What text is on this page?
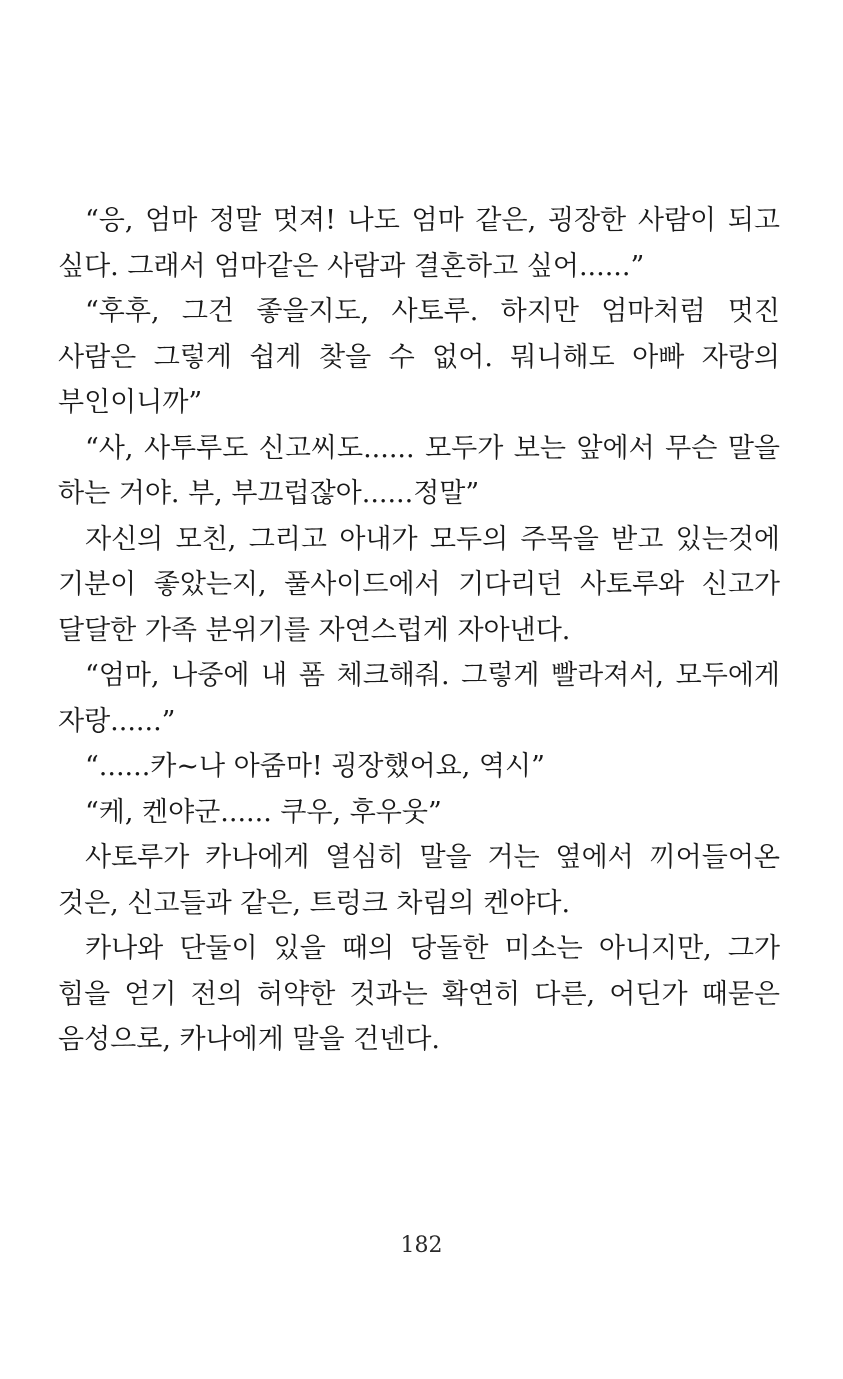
“응, 엄마 정말 멋져! 나도 엄마 같은, 굉장한 사람이 되고 싶다. 그래서 엄마같은 사람과 결혼하고 싶어......”

“후후, 그건 좋을지도, 사토루. 하지만 엄마처럼 멋진 사람은 그렇게 쉽게 찾을 수 없어. 뭐니해도 아빠 자랑의 부인이니까”

“사, 사투루도 신고씨도...... 모두가 보는 앞에서 무슨 말을 하는 거야. 부, 부끄럽잖아......정말”

자신의 모친, 그리고 아내가 모두의 주목을 받고 있는것에 기분이 좋았는지, 풀사이드에서 기다리던 사토루와 신고가 달달한 가족 분위기를 자연스럽게 자아낸다.

“엄마, 나중에 내 폼 체크해줘. 그렇게 빨라져서, 모두에게 자랑......”

“......카~나 아줌마! 굉장했어요, 역시”

“케, 켄야군...... 쿠우, 후우웃”

사토루가 카나에게 열심히 말을 거는 옆에서 끼어들어온 것은, 신고들과 같은, 트렁크 차림의 켄야다.

카나와 단둘이 있을 때의 당돌한 미소는 아니지만, 그가 힘을 얻기 전의 허약한 것과는 확연히 다른, 어딘가 때묻은 음성으로, 카나에게 말을 건넨다.

182
